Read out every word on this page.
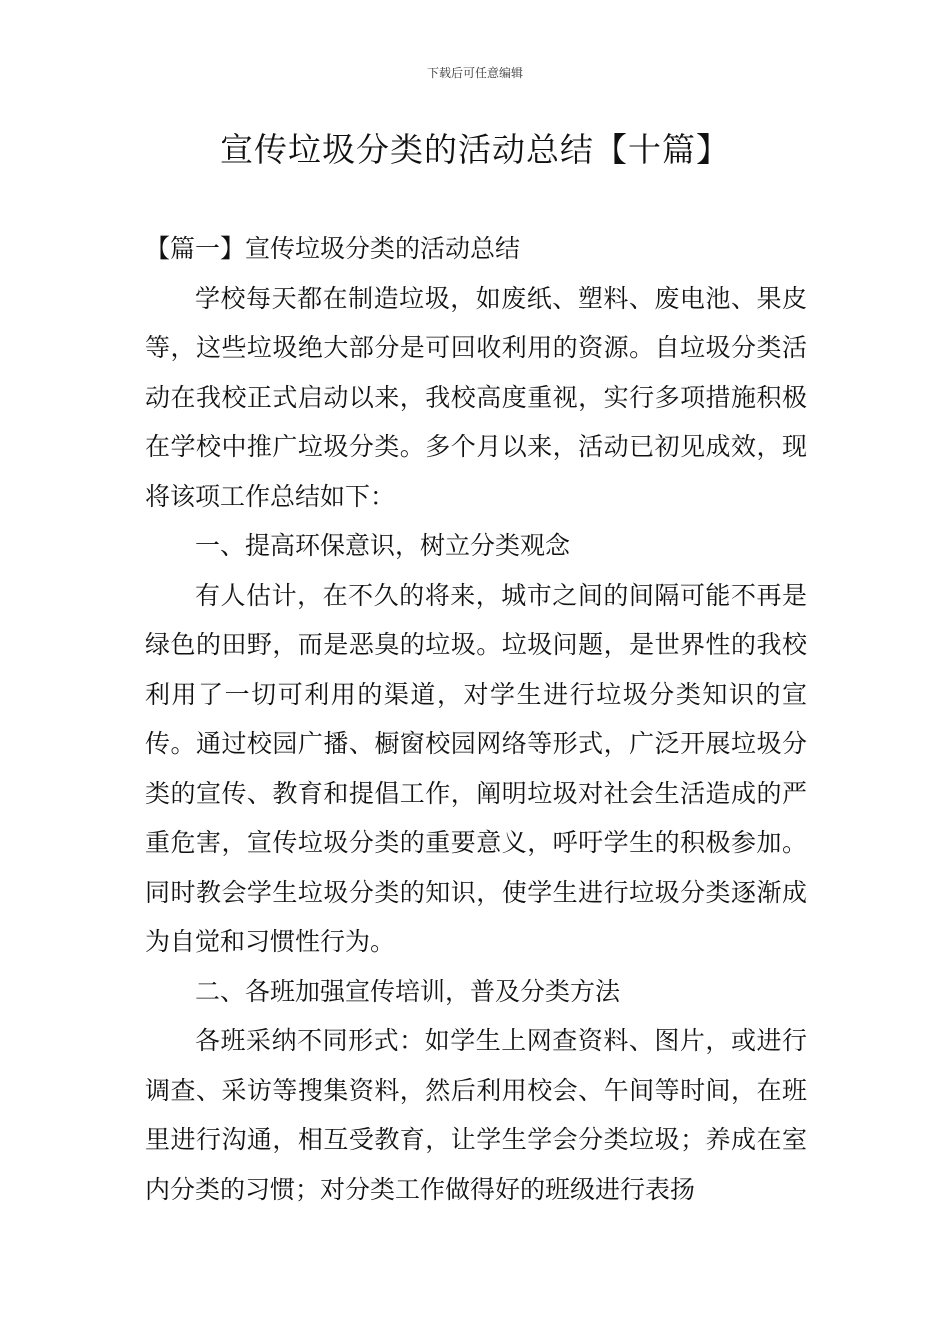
下载后可任意编辑
宣传垃圾分类的活动总结【十篇】

【篇一】宣传垃圾分类的活动总结

学校每天都在制造垃圾，如废纸、塑料、废电池、果皮等，这些垃圾绝大部分是可回收利用的资源。自垃圾分类活动在我校正式启动以来，我校高度重视，实行多项措施积极在学校中推广垃圾分类。多个月以来，活动已初见成效，现将该项工作总结如下：

一、提高环保意识，树立分类观念

有人估计，在不久的将来，城市之间的间隔可能不再是绿色的田野，而是恶臭的垃圾。垃圾问题，是世界性的我校利用了一切可利用的渠道，对学生进行垃圾分类知识的宣传。通过校园广播、橱窗校园网络等形式，广泛开展垃圾分类的宣传、教育和提倡工作，阐明垃圾对社会生活造成的严重危害，宣传垃圾分类的重要意义，呼吁学生的积极参加。同时教会学生垃圾分类的知识，使学生进行垃圾分类逐渐成为自觉和习惯性行为。

二、各班加强宣传培训，普及分类方法

各班采纳不同形式：如学生上网查资料、图片，或进行调查、采访等搜集资料，然后利用校会、午间等时间，在班里进行沟通，相互受教育，让学生学会分类垃圾；养成在室内分类的习惯；对分类工作做得好的班级进行表扬
